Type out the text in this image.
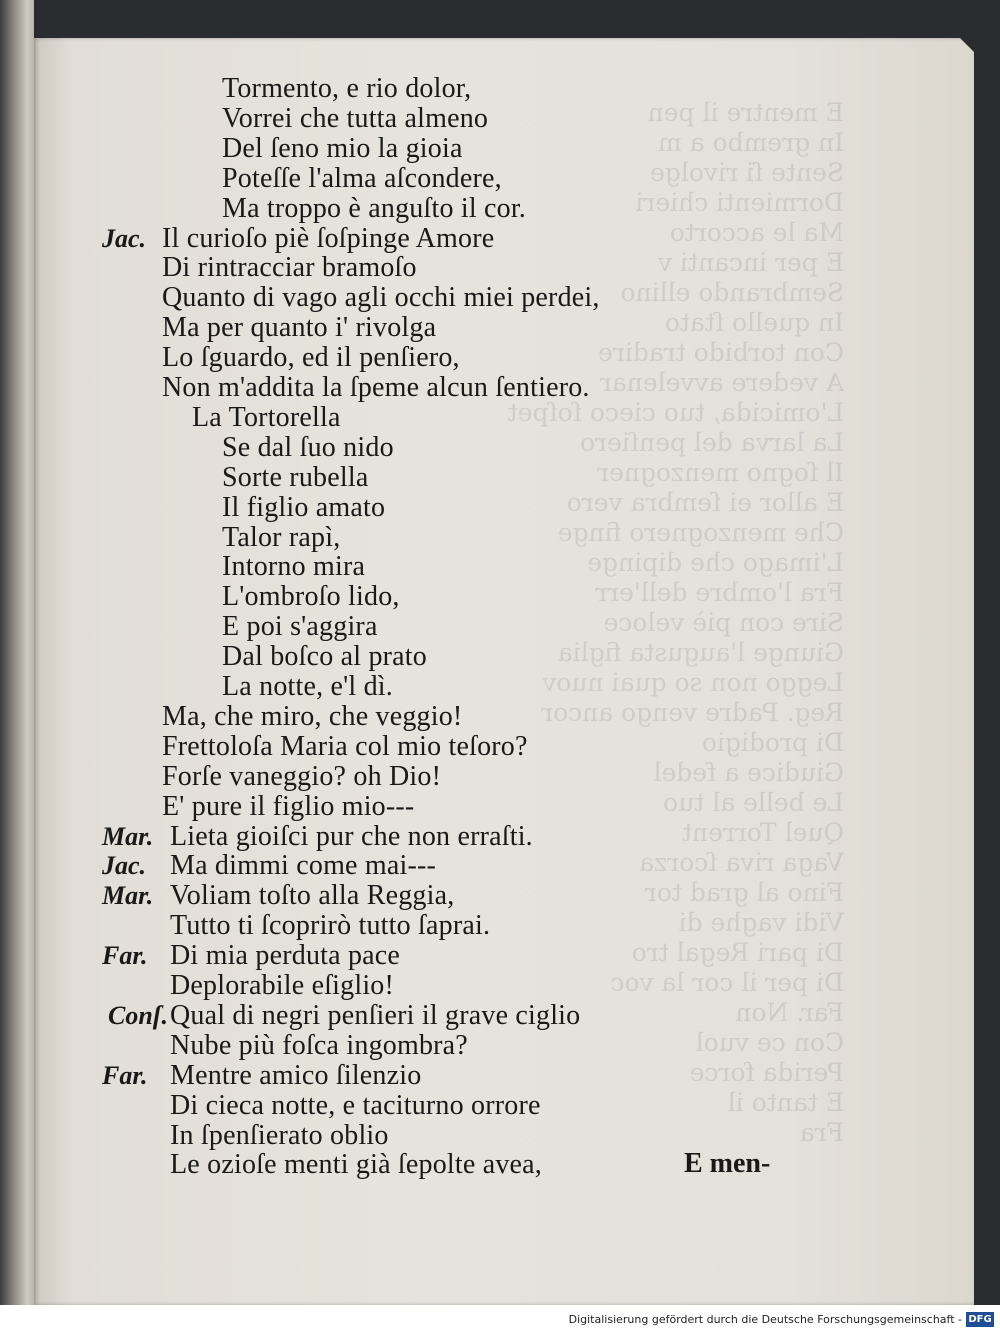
E mentre il pen
In grembo a m
Sente ſi rivolge
Dormienti chieri
Ma le accorto
E per incanti v
Sembrando ellino
In quello ſtato
Con torbido tradire
A vedere avvelenar
L'omicida, tuo cieco ſoſpet
La larva del penſiero
Il ſogno menzogner
E allor ei ſembra vero
Che menzognero finge
L'imago che dipinge
Fra l'ombre dell'err
Sire con piè veloce
Giunge l'augusta figlia
Leggo non so quai nuov
Reg. Padre vengo ancor
Di prodigio
Giudice a fedel
Le belle al tuo
Quel Torrent
Vaga riva ſcorza
Fino al grad tor
Vidi vaghe di
Di pari Regal tro
Di per il cor la voc
Far. Non
Con ce vuol
Perida force
E tanto il
Fra
Tormento, e rio dolor,
Vorrei che tutta almeno
Del ſeno mio la gioia
Poteſſe l'alma aſcondere,
Ma troppo è anguſto il cor.
Jac. Il curioſo piè ſoſpinge Amore
Di rintracciar bramoſo
Quanto di vago agli occhi miei perdei,
Ma per quanto i' rivolga
Lo ſguardo, ed il penſiero,
Non m'addita la ſpeme alcun ſentiero.
La Tortorella
Se dal ſuo nido
Sorte rubella
Il figlio amato
Talor rapì,
Intorno mira
L'ombroſo lido,
E poi s'aggira
Dal boſco al prato
La notte, e'l dì.
Ma, che miro, che veggio!
Frettoloſa Maria col mio teſoro?
Forſe vaneggio? oh Dio!
E' pure il figlio mio---
Mar. Lieta gioiſci pur che non erraſti.
Jac. Ma dimmi come mai---
Mar. Voliam toſto alla Reggia,
Tutto ti ſcoprirò tutto ſaprai.
Far. Di mia perduta pace
Deplorabile eſiglio!
Conſ. Qual di negri penſieri il grave ciglio
Nube più foſca ingombra?
Far. Mentre amico ſilenzio
Di cieca notte, e taciturno orrore
In ſpenſierato oblio
Le ozioſe menti già ſepolte avea,	E men-
Digitalisierung gefördert durch die Deutsche Forschungsgemeinschaft - DFG
